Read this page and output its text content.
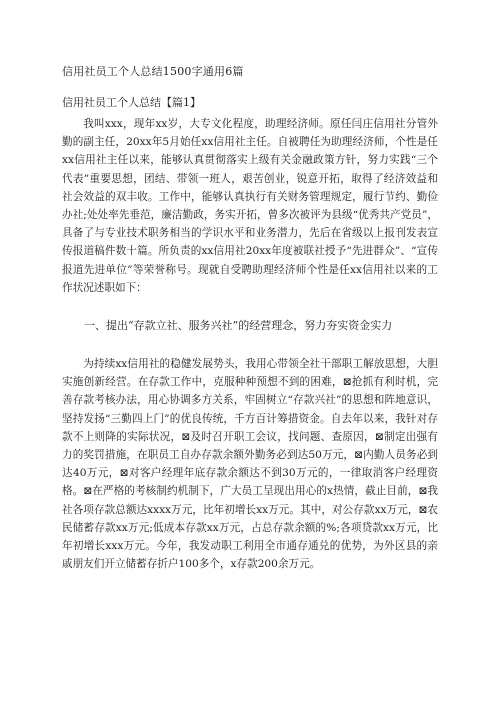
信用社员工个人总结1500字通用6篇

信用社员工个人总结【篇1】

我叫xxx，现年xx岁，大专文化程度，助理经济师。原任闫庄信用社分管外勤的副主任，20xx年5月始任xx信用社主任。自被聘任为助理经济师，个性是任xx信用社主任以来，能够认真贯彻落实上级有关金融政策方针，努力实践“三个代表”重要思想，团结、带领一班人，艰苦创业，锐意开拓，取得了经济效益和社会效益的双丰收。工作中，能够认真执行有关财务管理规定，履行节约、勤俭办社;处处率先垂范，廉洁勤政，务实开拓，曾多次被评为县级“优秀共产党员”，具备了与专业技术职务相当的学识水平和业务潜力，先后在省级以上报刊发表宣传报道稿件数十篇。所负责的xx信用社20xx年度被联社授予“先进群众”、“宣传报道先进单位”等荣誉称号。现就自受聘助理经济师个性是任xx信用社以来的工作状况述职如下：

一、提出“存款立社、服务兴社”的经营理念，努力夯实资金实力

为持续xx信用社的稳健发展势头，我用心带领全社干部职工解放思想，大胆实施创新经营。在存款工作中，克服种种预想不到的困难，⊠抢抓有利时机，完善存款考核办法，用心协调多方关系，牢固树立“存款兴社”的思想和阵地意识，坚持发扬“三勤四上门”的优良传统，千方百计筹措资金。自去年以来，我针对存款不上则降的实际状况，⊠及时召开职工会议，找问题、查原因，⊠制定出强有力的奖罚措施，在职员工自办存款余额外勤务必到达50万元，⊠内勤人员务必到达40万元，⊠对客户经理年底存款余额达不到30万元的，一律取消客户经理资格。⊠在严格的考核制约机制下，广大员工呈现出用心的x热情，截止目前，⊠我社各项存款总额达xxxx万元，比年初增长xx万元。其中，对公存款xx万元，⊠农民储蓄存款xx万元;低成本存款xx万元，占总存款余额的%;各项贷款xx万元，比年初增长xxx万元。今年，我发动职工利用全市通存通兑的优势，为外区县的亲戚朋友们开立储蓄存折户100多个，x存款200余万元。
